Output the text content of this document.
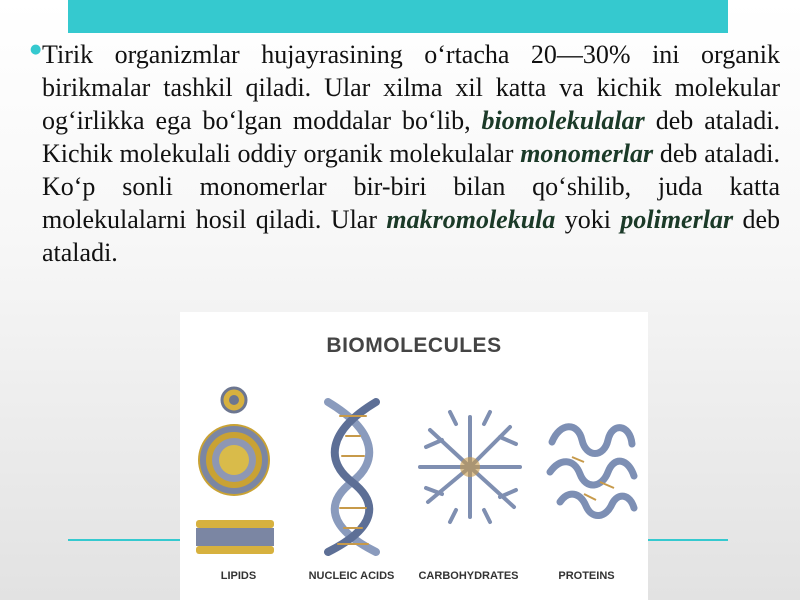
● Tirik organizmlar hujayrasining o‘rtacha 20—30% ini organik birikmalar tashkil qiladi. Ular xilma xil katta va kichik molekular og‘irlikka ega bo‘lgan moddalar bo‘lib, biomolekulalar deb ataladi. Kichik molekulali oddiy organik molekulalar monomerlar deb ataladi. Ko‘p sonli monomerlar bir-biri bilan qo‘shilib, juda katta molekulalarni hosil qiladi. Ular makromolekula yoki polimerlar deb ataladi.

BIOMOLECULES
LIPIDS	NUCLEIC ACIDS	CARBOHYDRATES	PROTEINS
